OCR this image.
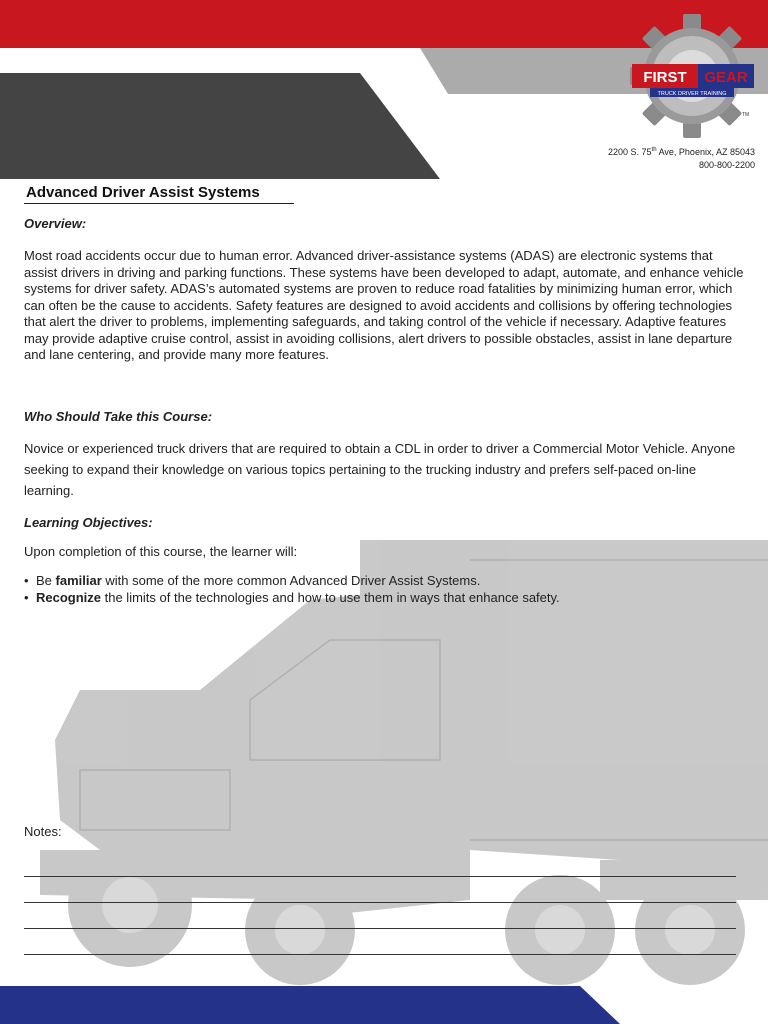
FIRST GEAR
TRUCK DRIVER TRAINING
TM
2200 S. 75th Ave, Phoenix, AZ 85043
800-800-2200
Advanced Driver Assist Systems
Overview:

Most road accidents occur due to human error. Advanced driver-assistance systems (ADAS) are electronic systems that assist drivers in driving and parking functions. These systems have been developed to adapt, automate, and enhance vehicle systems for driver safety. ADAS’s automated systems are proven to reduce road fatalities by minimizing human error, which can often be the cause to accidents. Safety features are designed to avoid accidents and collisions by offering technologies that alert the driver to problems, implementing safeguards, and taking control of the vehicle if necessary. Adaptive features may provide adaptive cruise control, assist in avoiding collisions, alert drivers to possible obstacles, assist in lane departure and lane centering, and provide many more features.

Who Should Take this Course:

Novice or experienced truck drivers that are required to obtain a CDL in order to driver a Commercial Motor Vehicle. Anyone seeking to expand their knowledge on various topics pertaining to the trucking industry and prefers self-paced on-line learning.

Learning Objectives:

Upon completion of this course, the learner will:

• Be familiar with some of the more common Advanced Driver Assist Systems.
• Recognize the limits of the technologies and how to use them in ways that enhance safety.
Notes:
